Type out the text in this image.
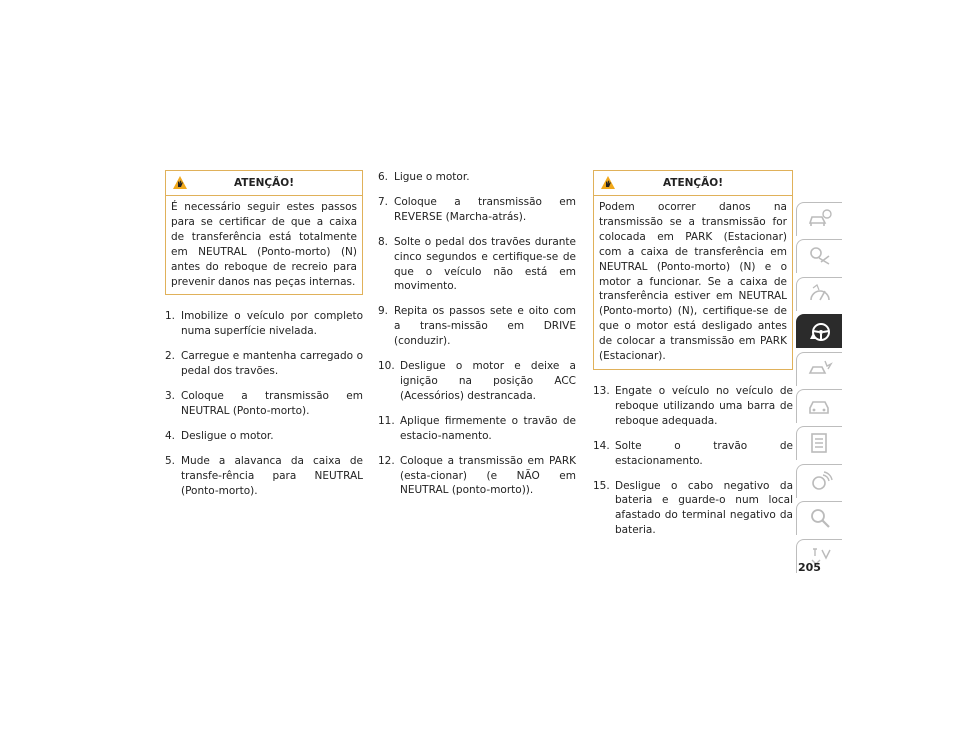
ATENÇÃO!
É necessário seguir estes passos para se certificar de que a caixa de transferência está totalmente em NEUTRAL (Ponto-morto) (N) antes do reboque de recreio para prevenir danos nas peças internas.
1. Imobilize o veículo por completo numa superfície nivelada.
2. Carregue e mantenha carregado o pedal dos travões.
3. Coloque a transmissão em NEUTRAL (Ponto-morto).
4. Desligue o motor.
5. Mude a alavanca da caixa de transfe-rência para NEUTRAL (Ponto-morto).
6. Ligue o motor.
7. Coloque a transmissão em REVERSE (Marcha-atrás).
8. Solte o pedal dos travões durante cinco segundos e certifique-se de que o veículo não está em movimento.
9. Repita os passos sete e oito com a trans-missão em DRIVE (conduzir).
10. Desligue o motor e deixe a ignição na posição ACC (Acessórios) destrancada.
11. Aplique firmemente o travão de estacio-namento.
12. Coloque a transmissão em PARK (esta-cionar) (e NÃO em NEUTRAL (ponto-morto)).
ATENÇÃO!
Podem ocorrer danos na transmissão se a transmissão for colocada em PARK (Estacionar) com a caixa de transferência em NEUTRAL (Ponto-morto) (N) e o motor a funcionar. Se a caixa de transferência estiver em NEUTRAL (Ponto-morto) (N), certifique-se de que o motor está desligado antes de colocar a transmissão em PARK (Estacionar).
13. Engate o veículo no veículo de reboque utilizando uma barra de reboque adequada.
14. Solte o travão de estacionamento.
15. Desligue o cabo negativo da bateria e guarde-o num local afastado do terminal negativo da bateria.
205
